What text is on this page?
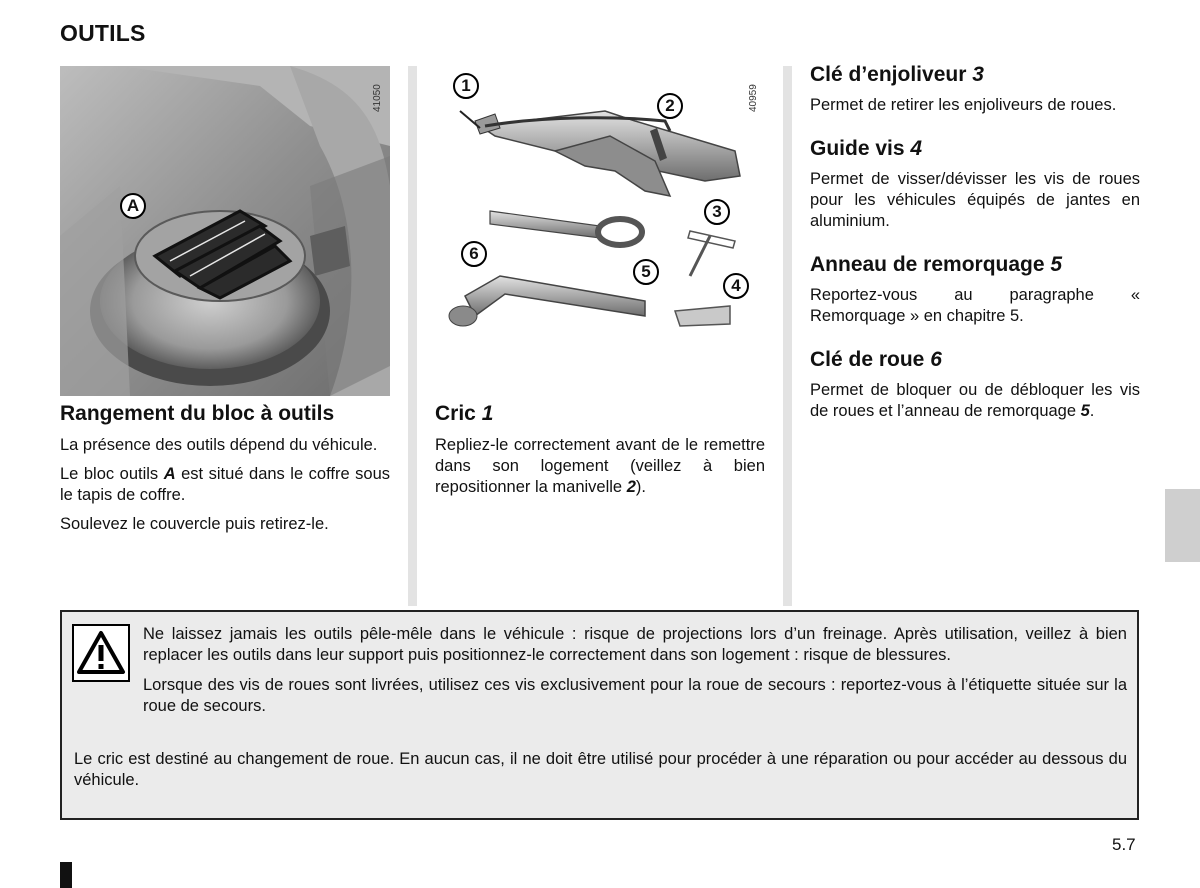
OUTILS
41050
A
Rangement du bloc à outils

La présence des outils dépend du véhicule.

Le bloc outils A est situé dans le coffre sous le tapis de coffre.

Soulevez le couvercle puis retirez-le.

40959
1
2
3
4
5
6
Cric 1

Repliez-le correctement avant de le remettre dans son logement (veillez à bien repositionner la manivelle 2).

Clé d’enjoliveur 3

Permet de retirer les enjoliveurs de roues.

Guide vis 4

Permet de visser/dévisser les vis de roues pour les véhicules équipés de jantes en aluminium.

Anneau de remorquage 5

Reportez-vous au paragraphe « Remorquage » en chapitre 5.

Clé de roue 6

Permet de bloquer ou de débloquer les vis de roues et l’anneau de remorquage 5.

Ne laissez jamais les outils pêle-mêle dans le véhicule : risque de projections lors d’un freinage. Après utilisation, veillez à bien replacer les outils dans leur support puis positionnez-le correctement dans son logement : risque de blessures.

Lorsque des vis de roues sont livrées, utilisez ces vis exclusivement pour la roue de secours : reportez-vous à l’étiquette située sur la roue de secours.

Le cric est destiné au changement de roue. En aucun cas, il ne doit être utilisé pour procéder à une réparation ou pour accéder au dessous du véhicule.

5.7
